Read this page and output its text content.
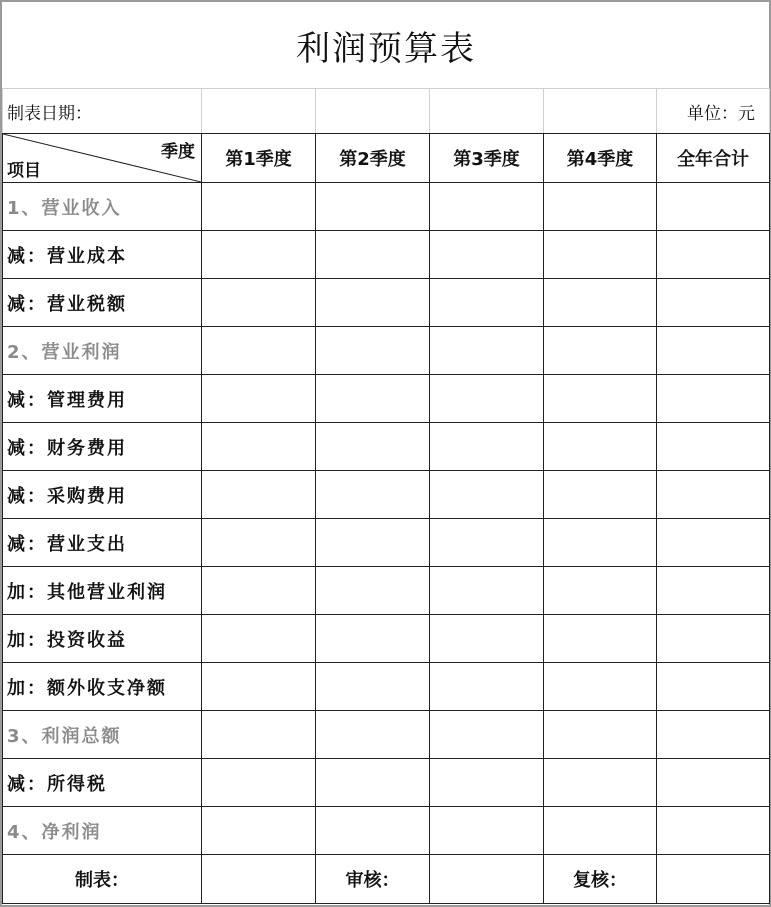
利润预算表					
制表日期：					单位：元

季度
项目	第1季度	第2季度	第3季度	第4季度	全年合计
1、营业收入					
减：营业成本					
减：营业税额					
2、营业利润					
减：管理费用					
减：财务费用					
减：采购费用					
减：营业支出					
加：其他营业利润					
加：投资收益					
加：额外收支净额					
3、利润总额					
减：所得税					
4、净利润					
制表：		审核：		复核：	
